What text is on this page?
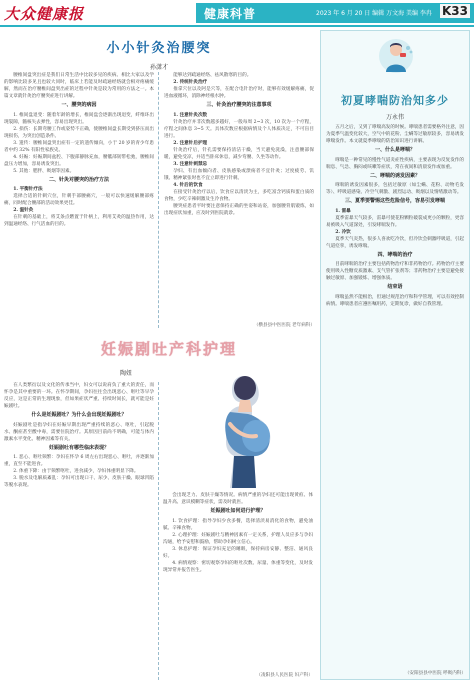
大众健康报	健康科普	2023 年 6 月 20 日 编辑 万文海 美编 李冉 K33
小小针灸治腰突
孙潇才
腰椎间盘突出症是我们日常生活中比较多见的疾病。相比大家以及学的影响比较多见且也较大同时，临床上若能及时疏通经络就会相对疼痛缓解，然而在治疗腰椎间盘突出症的过程中针灸是较为常用的方法之一。本篇文章就针灸治疗腰突症进行讲解。
一、腰突的病因
1. 椎间盘退变：随着年龄的增长，椎间盘会逐渐出现退变，纤维环出现裂隙，髓核失去弹性，容易出现突出。
2. 损伤：长期弯腰工作或姿势不正确，使腰椎间盘长期受到挤压而出现损伤，为突出创造条件。
3. 遗传：腰椎间盘突出症有一定的遗传倾向，小于 20 岁的青少年患者中约 32% 有阳性家族史。
4. 妊娠：妊娠期间盆腔、下腹部静脉充血，腰骶部韧带松弛，腰椎间盘压力增加，容易诱发突出。
5. 其他：肥胖、吸烟等因素。
二、针灸对腰突的治疗方法
1. 平衡针疗法
选择合适的针刺穴位，针刺手部腰痛穴，一般可以快速缓解腰部疼痛，同时配合腰部的活动效果更佳。
2. 温针灸
在针刺的基础上，将艾条点燃置于针柄上，利用艾灸的温热作用，达到温通经络、行气活血的目的。
能够达到疏通经络、祛风散寒的目的。
2. 传统针灸治疗
推拿穴位以及阿是穴等，在配合电针治疗时，能够有效缓解疼痛，促进血液循环，消除神经根水肿。
三、针灸治疗腰突的注意事项
1. 注意针灸次数
针灸治疗并非次数越多越好，一般每周 2~3 次，10 次为一个疗程，疗程之间休息 3~5 天。具体次数应根据病情及个人体质决定，不可盲目进行。
2. 注意针后护理
针灸治疗后，针孔需要保持清洁干燥，当天避免洗澡，注意腰部保暖，避免受凉，并适当卧床休息，减少弯腰、久坐等动作。
3. 注意针刺禁忌
孕妇、有出血倾向者、皮肤感染或溃疡者不宜针灸；过度疲劳、饥饿、精神紧张时也不宜立即进行针刺。
4. 针后的饮食
在接受针灸治疗以后，饮食应以清淡为主，多吃富含钙质和蛋白质的食物，少吃辛辣刺激及生冷食物。
腰突症患者平时要注意保持正确的坐姿和站姿，加强腰背肌锻炼，如出现症状加重，应及时到医院就诊。
（横县县中医医院 老年病科）
妊娠剧吐产科护理
陶妞
在人类繁衍以及文化的传承当中，妇女可以说肩负了重大的责任，而怀孕是其中重要的一环。在怀孕期间，孕妇往往会出现恶心、呕吐等早孕反应，这是正常的生理现象，但如果症状严重、持续时间长，就可能是妊娠剧吐。
什么是妊娠剧吐？为什么会出现妊娠剧吐？
妊娠剧吐是指孕妇在妊娠早期出现严重持续的恶心、呕吐，引起脱水、酮症甚至酸中毒，需要住院治疗。其原因目前尚不明确，可能与体内激素水平变化、精神因素等有关。
妊娠剧吐有哪些临床表现？
1. 恶心、呕吐频繁：孕妇在怀孕 6 周左右出现恶心、呕吐，并逐渐加重，直至不能进食。
2. 体重下降：由于频繁呕吐，进食减少，孕妇体重明显下降。
3. 脱水及电解质紊乱：孕妇可出现口干、尿少、皮肤干燥、眼球凹陷等脱水表现。
会出现乏力、皮肤干燥等情况。病情严重的孕妇还可能出现黄疸、体温升高、意识模糊等症状，需及时就医。
妊娠剧吐如何进行护理？
1. 饮食护理：指导孕妇少食多餐，选择清淡易消化的食物，避免油腻、辛辣食物。
2. 心理护理：妊娠剧吐与精神因素有一定关系，护理人员应多与孕妇沟通，给予安慰和鼓励，帮助孕妇树立信心。
3. 休息护理：保证孕妇充足的睡眠，保持病房安静、整洁、通风良好。
4. 病情观察：密切观察孕妇的呕吐次数、尿量、体重等变化，及时发现异常并报告医生。
（凌阳县人民医院 妇产科）
初夏哮喘防治知多少
万永伟
五月之后，又到了哮喘高发的时候。哮喘患者需要格外注意，因为夏季气温变化较大，空气中的花粉、尘螨等过敏原较多，容易诱发哮喘发作。本文就夏季哮喘的防治知识进行讲解。
一、什么是哮喘？
哮喘是一种常见的慢性气道炎症性疾病，主要表现为反复发作的喘息、气急、胸闷或咳嗽等症状，常在夜间和清晨发作或加重。
二、哮喘的诱发因素？
哮喘的诱发因素很多，包括过敏原（如尘螨、花粉、动物毛发等）、呼吸道感染、冷空气刺激、剧烈运动、吸烟以及情绪激动等。
三、夏季要警惕这些危险信号，容易引发哮喘
1. 雷暴
夏季雷暴天气较多，雷暴可使花粉颗粒破裂成更小的颗粒，更容易被吸入气道深处，引发哮喘发作。
2. 冷饮
夏季天气炎热，很多人喜欢吃冷饮，但冷饮会刺激呼吸道，引起气道痉挛，诱发哮喘。
四、哮喘的治疗
目前哮喘的治疗主要包括药物治疗和非药物治疗。药物治疗主要使用吸入性糖皮质激素、支气管扩张剂等；非药物治疗主要是避免接触过敏原、加强锻炼、增强体质。
结束语
哮喘虽然不能根治，但通过规范治疗和科学管理，可以有效控制病情。哮喘患者应遵医嘱用药，定期复诊，做好自我管理。
（安阳县县中医院 呼吸内科）
